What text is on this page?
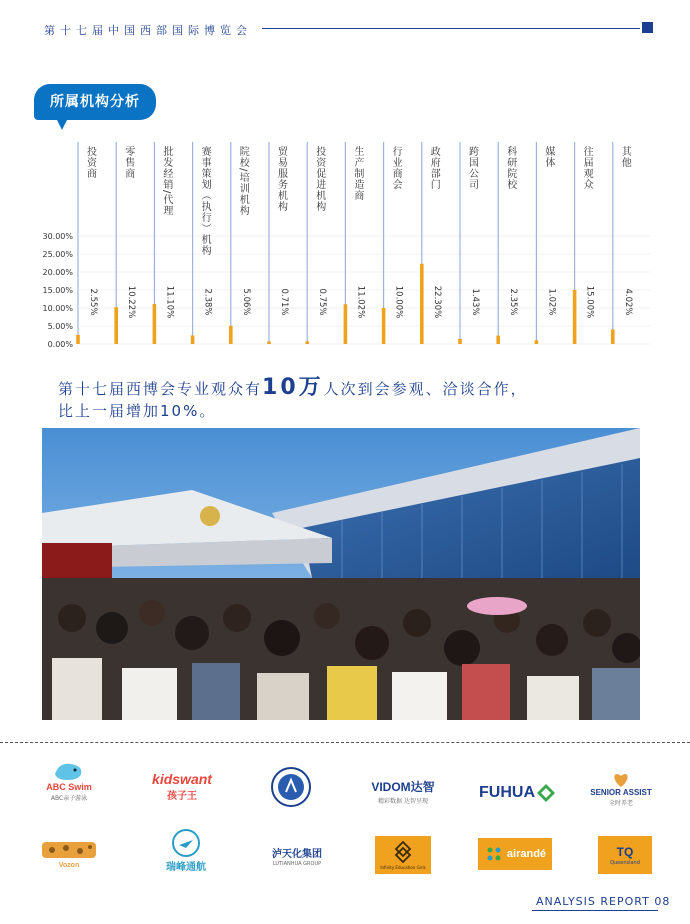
第十七届中国西部国际博览会
所属机构分析
0.00%
5.00%
10.00%
15.00%
20.00%
25.00%
30.00%
投资商
2.55%
零售商
10.22%
批发经销/代理
11.10%
赛事策划（执行）机构
2.38%
院校/培训机构
5.06%
贸易服务机构
0.71%
投资促进机构
0.75%
生产制造商
11.02%
行业商会
10.00%
政府部门
22.30%
跨国公司
1.43%
科研院校
2.35%
媒体
1.02%
往届观众
15.00%
其他
4.02%
第十七届西博会专业观众有10万人次到会参观、洽谈合作，比上一届增加10%。
ABC Swim
ABC亲子游泳
kidswant
孩子王
VIDOM达智
精彩数据 达智呈现	FUHUA	SENIOR ASSIST
全时养老
Vozon	瑞峰通航
泸天化集团
LUTIANHUA GROUP
Infinity Education Girls
airandé	TQ
Queensland
ANALYSIS REPORT 08
